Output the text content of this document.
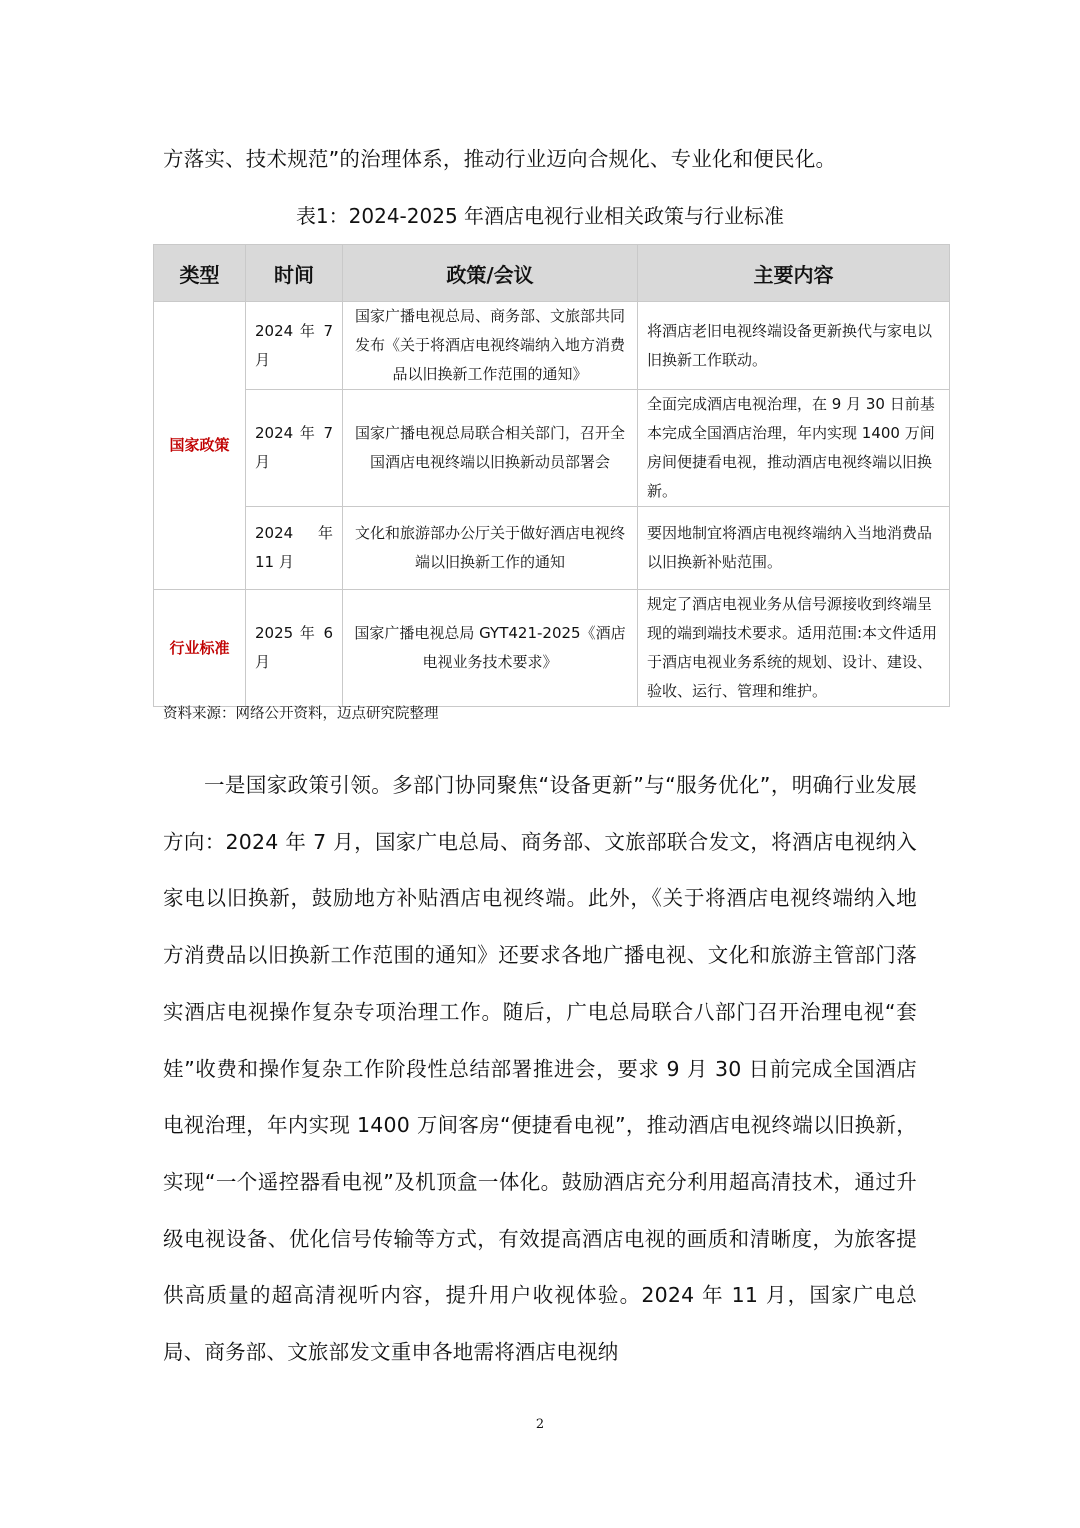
方落实、技术规范”的治理体系，推动行业迈向合规化、专业化和便民化。

表1：2024-2025 年酒店电视行业相关政策与行业标准
类型	时间	政策/会议	主要内容
国家政策	2024 年 7 月	国家广播电视总局、商务部、文旅部共同发布《关于将酒店电视终端纳入地方消费品以旧换新工作范围的通知》	将酒店老旧电视终端设备更新换代与家电以旧换新工作联动。
	2024 年 7 月	国家广播电视总局联合相关部门，召开全国酒店电视终端以旧换新动员部署会	全面完成酒店电视治理，在 9 月 30 日前基本完成全国酒店治理，年内实现 1400 万间房间便捷看电视，推动酒店电视终端以旧换新。
	2024 年 11 月	文化和旅游部办公厅关于做好酒店电视终端以旧换新工作的通知	要因地制宜将酒店电视终端纳入当地消费品以旧换新补贴范围。
行业标准	2025 年 6 月	国家广播电视总局 GYT421-2025《酒店电视业务技术要求》	规定了酒店电视业务从信号源接收到终端呈现的端到端技术要求。适用范围:本文件适用于酒店电视业务系统的规划、设计、建设、验收、运行、管理和维护。
资料来源：网络公开资料，迈点研究院整理

一是国家政策引领。多部门协同聚焦“设备更新”与“服务优化”，明确行业发展方向：2024 年 7 月，国家广电总局、商务部、文旅部联合发文，将酒店电视纳入家电以旧换新，鼓励地方补贴酒店电视终端。此外，《关于将酒店电视终端纳入地方消费品以旧换新工作范围的通知》还要求各地广播电视、文化和旅游主管部门落实酒店电视操作复杂专项治理工作。随后，广电总局联合八部门召开治理电视“套娃”收费和操作复杂工作阶段性总结部署推进会，要求 9 月 30 日前完成全国酒店电视治理，年内实现 1400 万间客房“便捷看电视”，推动酒店电视终端以旧换新，实现“一个遥控器看电视”及机顶盒一体化。鼓励酒店充分利用超高清技术，通过升级电视设备、优化信号传输等方式，有效提高酒店电视的画质和清晰度，为旅客提供高质量的超高清视听内容，提升用户收视体验。2024 年 11 月，国家广电总局、商务部、文旅部发文重申各地需将酒店电视纳

2
